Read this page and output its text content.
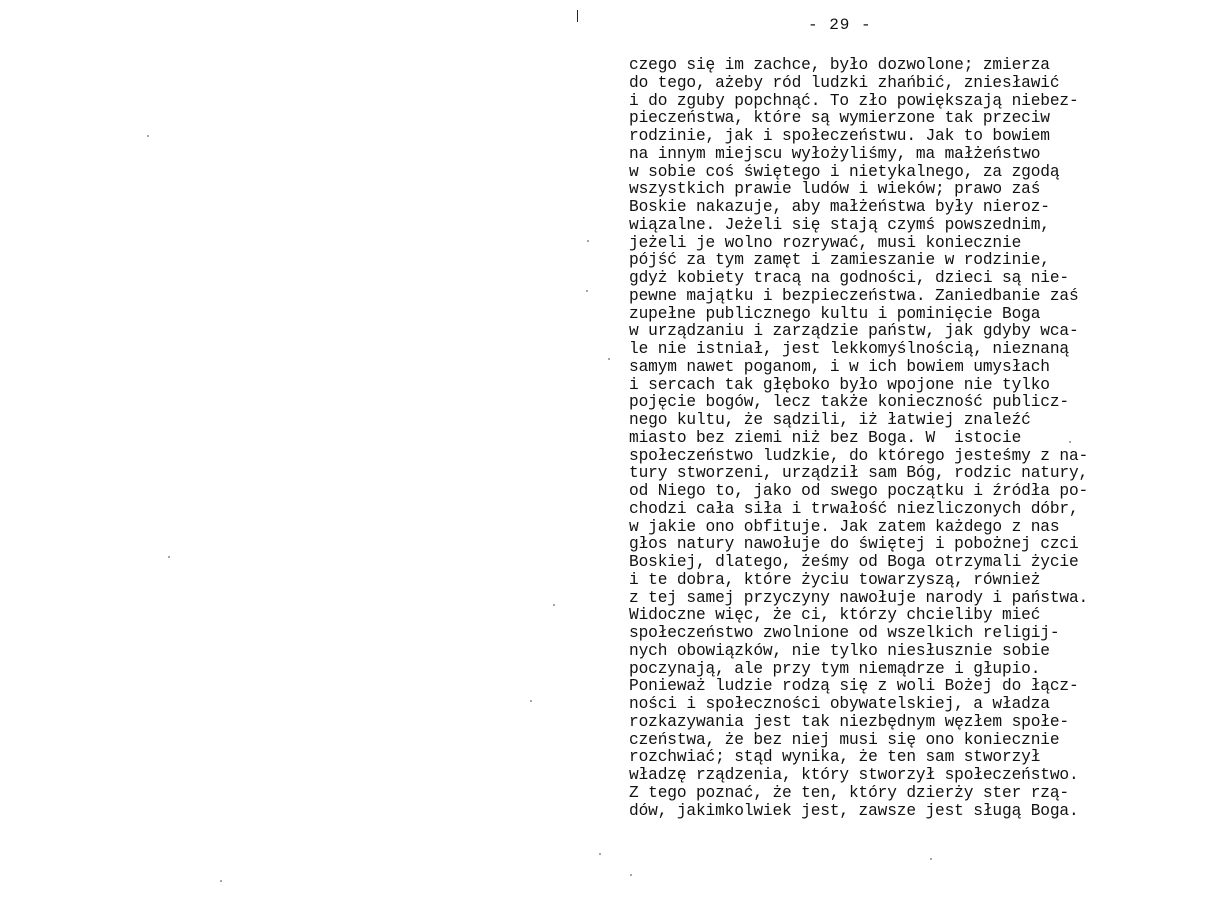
- 29 -
czego się im zachce, było dozwolone; zmierza
do tego, ażeby ród ludzki zhańbić, zniesławić
i do zguby popchnąć. To zło powiększają niebez-
pieczeństwa, które są wymierzone tak przeciw
rodzinie, jak i społeczeństwu. Jak to bowiem
na innym miejscu wyłożyliśmy, ma małżeństwo
w sobie coś świętego i nietykalnego, za zgodą
wszystkich prawie ludów i wieków; prawo zaś
Boskie nakazuje, aby małżeństwa były nieroz-
wiązalne. Jeżeli się stają czymś powszednim,
jeżeli je wolno rozrywać, musi koniecznie
pójść za tym zamęt i zamieszanie w rodzinie,
gdyż kobiety tracą na godności, dzieci są nie-
pewne majątku i bezpieczeństwa. Zaniedbanie zaś
zupełne publicznego kultu i pominięcie Boga
w urządzaniu i zarządzie państw, jak gdyby wca-
le nie istniał, jest lekkomyślnością, nieznaną
samym nawet poganom, i w ich bowiem umysłach
i sercach tak głęboko było wpojone nie tylko
pojęcie bogów, lecz także konieczność publicz-
nego kultu, że sądzili, iż łatwiej znaleźć
miasto bez ziemi niż bez Boga. W  istocie
społeczeństwo ludzkie, do którego jesteśmy z na-
tury stworzeni, urządził sam Bóg, rodzic natury,
od Niego to, jako od swego początku i źródła po-
chodzi cała siła i trwałość niezliczonych dóbr,
w jakie ono obfituje. Jak zatem każdego z nas
głos natury nawołuje do świętej i pobożnej czci
Boskiej, dlatego, żeśmy od Boga otrzymali życie
i te dobra, które życiu towarzyszą, również
z tej samej przyczyny nawołuje narody i państwa.
Widoczne więc, że ci, którzy chcieliby mieć
społeczeństwo zwolnione od wszelkich religij-
nych obowiązków, nie tylko niesłusznie sobie
poczynają, ale przy tym niemądrze i głupio.
Ponieważ ludzie rodzą się z woli Bożej do łącz-
ności i społeczności obywatelskiej, a władza
rozkazywania jest tak niezbędnym węzłem społe-
czeństwa, że bez niej musi się ono koniecznie
rozchwiać; stąd wynika, że ten sam stworzył
władzę rządzenia, który stworzył społeczeństwo.
Z tego poznać, że ten, który dzierży ster rzą-
dów, jakimkolwiek jest, zawsze jest sługą Boga.
